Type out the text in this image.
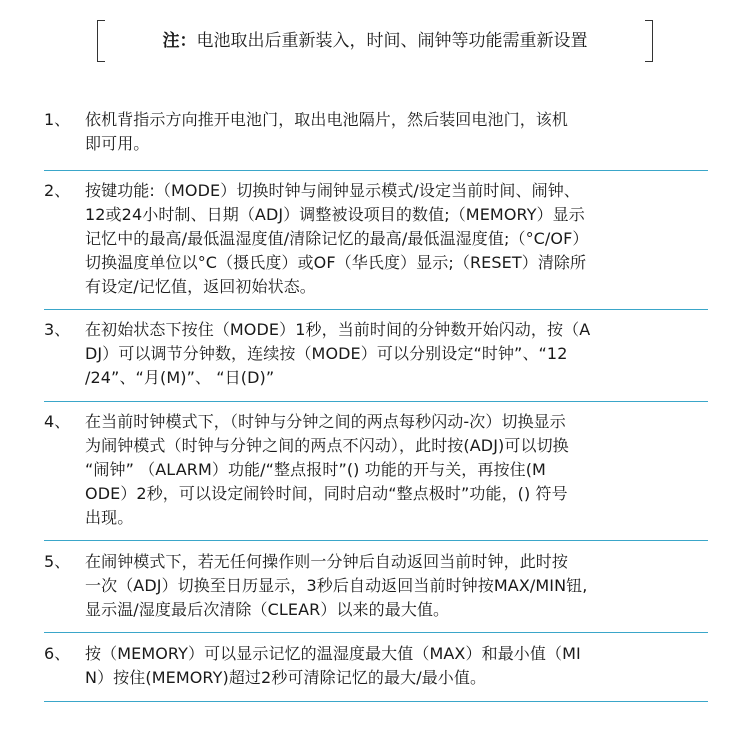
注：电池取出后重新装入，时间、闹钟等功能需重新设置
1、 依机背指示方向推开电池门，取出电池隔片，然后装回电池门，该机
即可用。
2、 按键功能:（MODE）切换时钟与闹钟显示模式/设定当前时间、闹钟、
12或24小时制、日期（ADJ）调整被设项目的数值;（MEMORY）显示
记忆中的最高/最低温湿度值/清除记忆的最高/最低温湿度值;（°C/OF）
切换温度单位以°C（摄氏度）或OF（华氏度）显示;（RESET）清除所
有设定/记忆值，返回初始状态。
3、 在初始状态下按住（MODE）1秒，当前时间的分钟数开始闪动，按（A
DJ）可以调节分钟数，连续按（MODE）可以分别设定“时钟”、“12
/24”、“月(M)”、 “日(D)”
4、 在当前时钟模式下，（时钟与分钟之间的两点每秒闪动-次）切换显示
为闹钟模式（时钟与分钟之间的两点不闪动），此时按(ADJ)可以切换
“闹钟” （ALARM）功能/“整点报时”() 功能的开与关，再按住(M
ODE）2秒，可以设定闹铃时间，同时启动“整点极时”功能，() 符号
出现。
5、 在闹钟模式下，若无任何操作则一分钟后自动返回当前时钟，此时按
一次（ADJ）切换至日历显示，3秒后自动返回当前时钟按MAX/MIN钮,
显示温/湿度最后次清除（CLEAR）以来的最大值。
6、 按（MEMORY）可以显示记忆的温湿度最大值（MAX）和最小值（MI
N）按住(MEMORY)超过2秒可清除记忆的最大/最小值。
